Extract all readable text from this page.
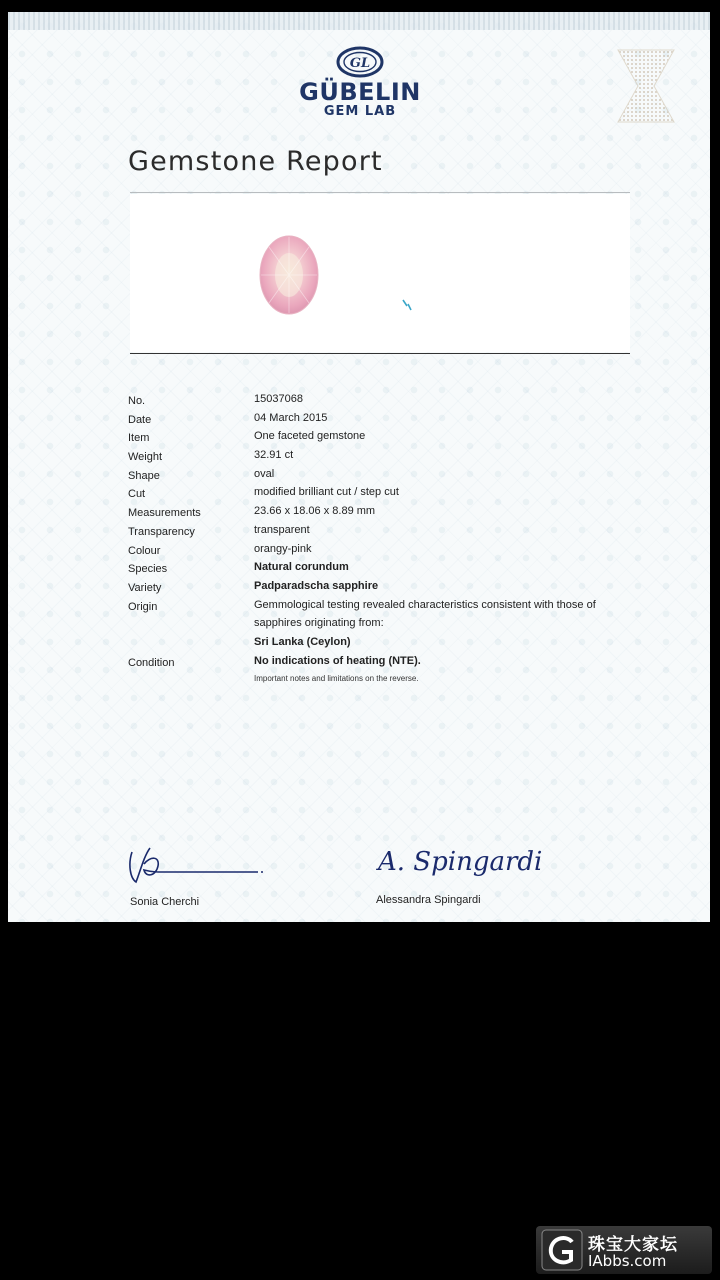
GL
GÜBELIN
GEM LAB
Gemstone Report
No.	15037068
Date	04 March 2015
Item	One faceted gemstone
Weight	32.91 ct
Shape	oval
Cut	modified brilliant cut / step cut
Measurements	23.66 x 18.06 x 8.89 mm
Transparency	transparent
Colour	orangy-pink
Species	Natural corundum
Variety	Padparadscha sapphire
Origin	Gemmological testing revealed characteristics consistent with those of
sapphires originating from:
Sri Lanka (Ceylon)
Condition	No indications of heating (NTE).
Important notes and limitations on the reverse.
Sonia Cherchi
A. Spingardi
Alessandra Spingardi
珠宝大家坛
IAbbs.com
